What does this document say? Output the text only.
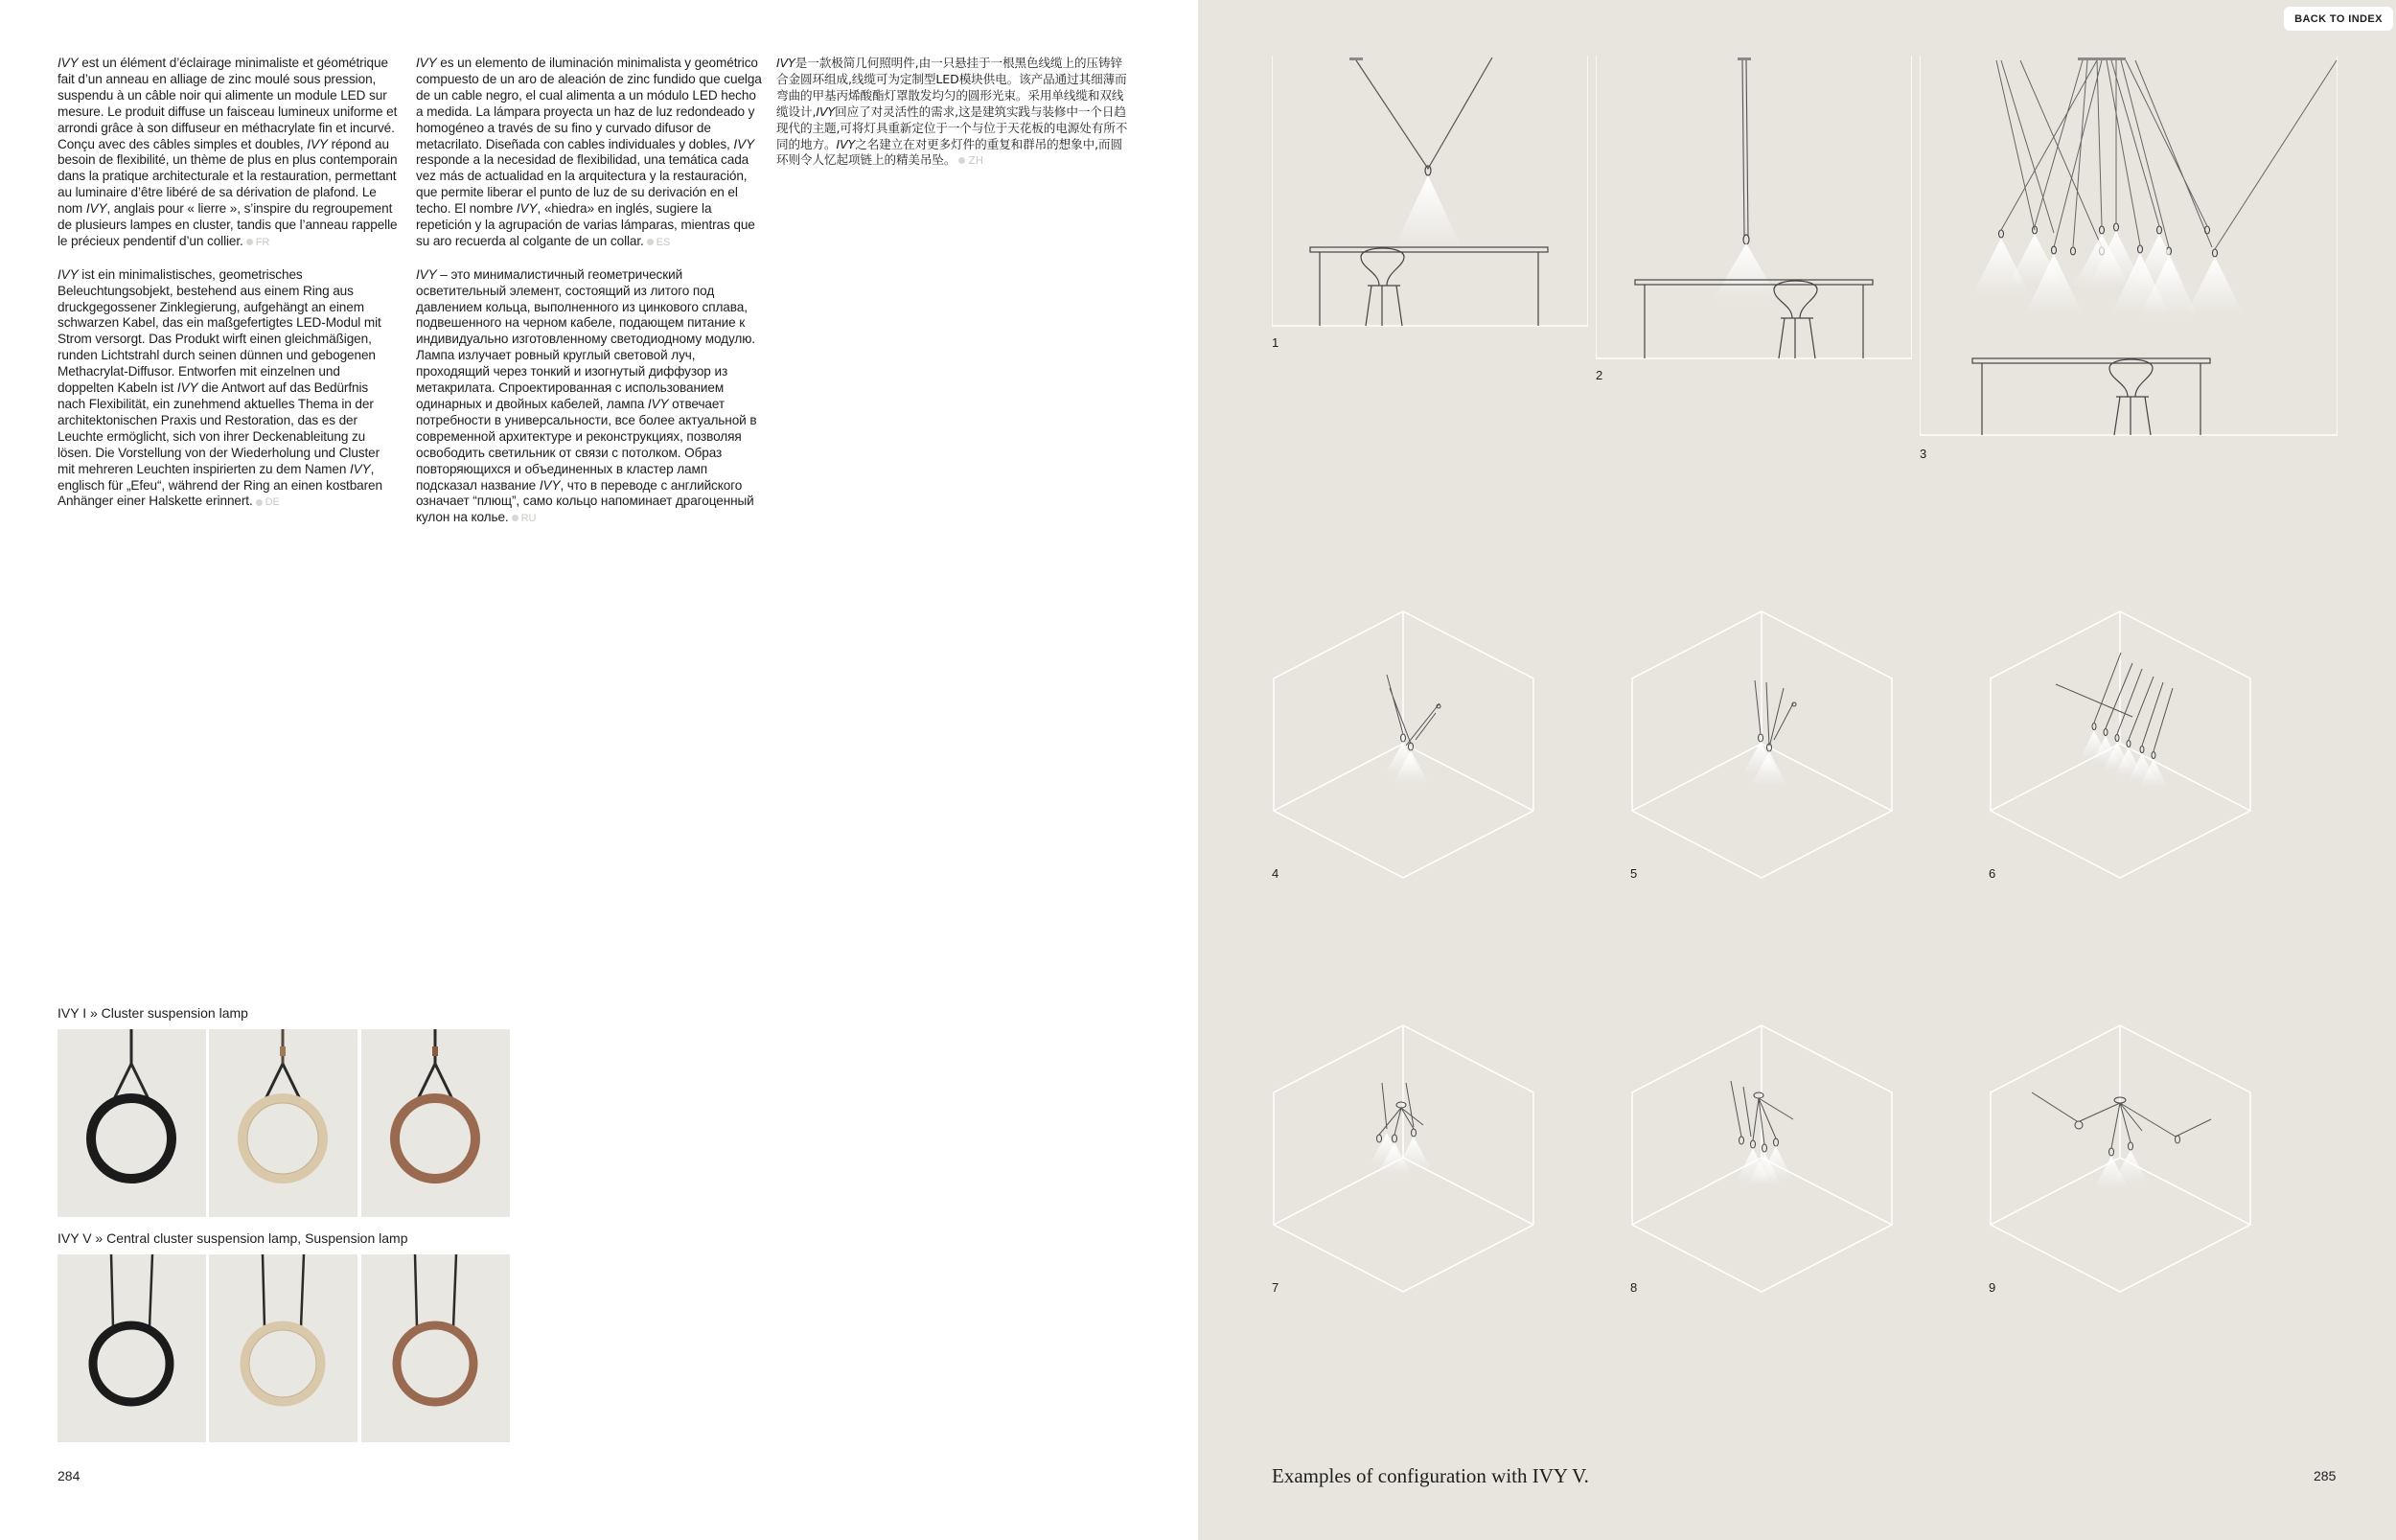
IVY est un élément d’éclairage minimaliste et géométrique fait d’un anneau en alliage de zinc moulé sous pression, suspendu à un câble noir qui alimente un module LED sur mesure. Le produit diffuse un faisceau lumineux uniforme et arrondi grâce à son diffuseur en méthacrylate fin et incurvé. Conçu avec des câbles simples et doubles, IVY répond au besoin de flexibilité, un thème de plus en plus contemporain dans la pratique architecturale et la restauration, permettant au luminaire d’être libéré de sa dérivation de plafond. Le nom IVY, anglais pour « lierre », s’inspire du regroupement de plusieurs lampes en cluster, tandis que l’anneau rappelle le précieux pendentif d’un collier. FR

IVY ist ein minimalistisches, geometrisches Beleuchtungsobjekt, bestehend aus einem Ring aus druckgegossener Zinklegierung, aufgehängt an einem schwarzen Kabel, das ein maßgefertigtes LED-Modul mit Strom versorgt. Das Produkt wirft einen gleichmäßigen, runden Lichtstrahl durch seinen dünnen und gebogenen Methacrylat-Diffusor. Entworfen mit einzelnen und doppelten Kabeln ist IVY die Antwort auf das Bedürfnis nach Flexibilität, ein zunehmend aktuelles Thema in der architektonischen Praxis und Restoration, das es der Leuchte ermöglicht, sich von ihrer Deckenableitung zu lösen. Die Vorstellung von der Wiederholung und Cluster mit mehreren Leuchten inspirierten zu dem Namen IVY, englisch für „Efeu“, während der Ring an einen kostbaren Anhänger einer Halskette erinnert. DE

IVY es un elemento de iluminación minimalista y geométrico compuesto de un aro de aleación de zinc fundido que cuelga de un cable negro, el cual alimenta a un módulo LED hecho a medida. La lámpara proyecta un haz de luz redondeado y homogéneo a través de su fino y curvado difusor de metacrilato. Diseñada con cables individuales y dobles, IVY responde a la necesidad de flexibilidad, una temática cada vez más de actualidad en la arquitectura y la restauración, que permite liberar el punto de luz de su derivación en el techo. El nombre IVY, «hiedra» en inglés, sugiere la repetición y la agrupación de varias lámparas, mientras que su aro recuerda al colgante de un collar. ES

IVY – это минималистичный геометрический осветительный элемент, состоящий из литого под давлением кольца, выполненного из цинкового сплава, подвешенного на черном кабеле, подающем питание к индивидуально изготовленному светодиодному модулю. Лампа излучает ровный круглый световой луч, проходящий через тонкий и изогнутый диффузор из метакрилата. Спроектированная с использованием одинарных и двойных кабелей, лампа IVY отвечает потребности в универсальности, все более актуальной в современной архитектуре и реконструкциях, позволяя освободить светильник от связи с потолком. Образ повторяющихся и объединенных в кластер ламп подсказал название IVY, что в переводе с английского означает “плющ”, само кольцо напоминает драгоценный кулон на колье. RU

IVY是一款极简几何照明件,由一只悬挂于一根黑色线缆上的压铸锌合金圆环组成,线缆可为定制型LED模块供电。该产品通过其细薄而弯曲的甲基丙烯酸酯灯罩散发均匀的圆形光束。采用单线缆和双线缆设计,IVY回应了对灵活性的需求,这是建筑实践与装修中一个日趋现代的主题,可将灯具重新定位于一个与位于天花板的电源处有所不同的地方。IVY之名建立在对更多灯件的重复和群吊的想象中,而圆环则令人忆起项链上的精美吊坠。 ZH

IVY I » Cluster suspension lamp
IVY V » Central cluster suspension lamp, Suspension lamp
284
BACK TO INDEX
1
2
3
4	5	6
7	8	9
Examples of configuration with IVY V.	285
